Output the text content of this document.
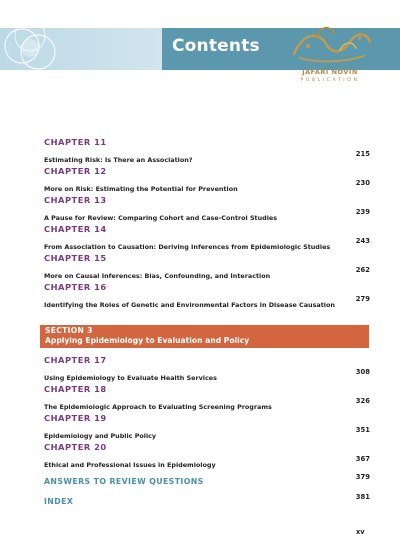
Contents
JAFARI NOVIN
PUBLICATION
CHAPTER 11
Estimating Risk: Is There an Association?
215
CHAPTER 12
More on Risk: Estimating the Potential for Prevention
230
CHAPTER 13
A Pause for Review: Comparing Cohort and Case-Control Studies
239
CHAPTER 14
From Association to Causation: Deriving Inferences from Epidemiologic Studies
243
CHAPTER 15
More on Causal Inferences: Bias, Confounding, and Interaction
262
CHAPTER 16
Identifying the Roles of Genetic and Environmental Factors in Disease Causation
279
SECTION 3
Applying Epidemiology to Evaluation and Policy
CHAPTER 17
Using Epidemiology to Evaluate Health Services
308
CHAPTER 18
The Epidemiologic Approach to Evaluating Screening Programs
326
CHAPTER 19
Epidemiology and Public Policy
351
CHAPTER 20
Ethical and Professional Issues in Epidemiology
367
ANSWERS TO REVIEW QUESTIONS	379
INDEX	381
xv
